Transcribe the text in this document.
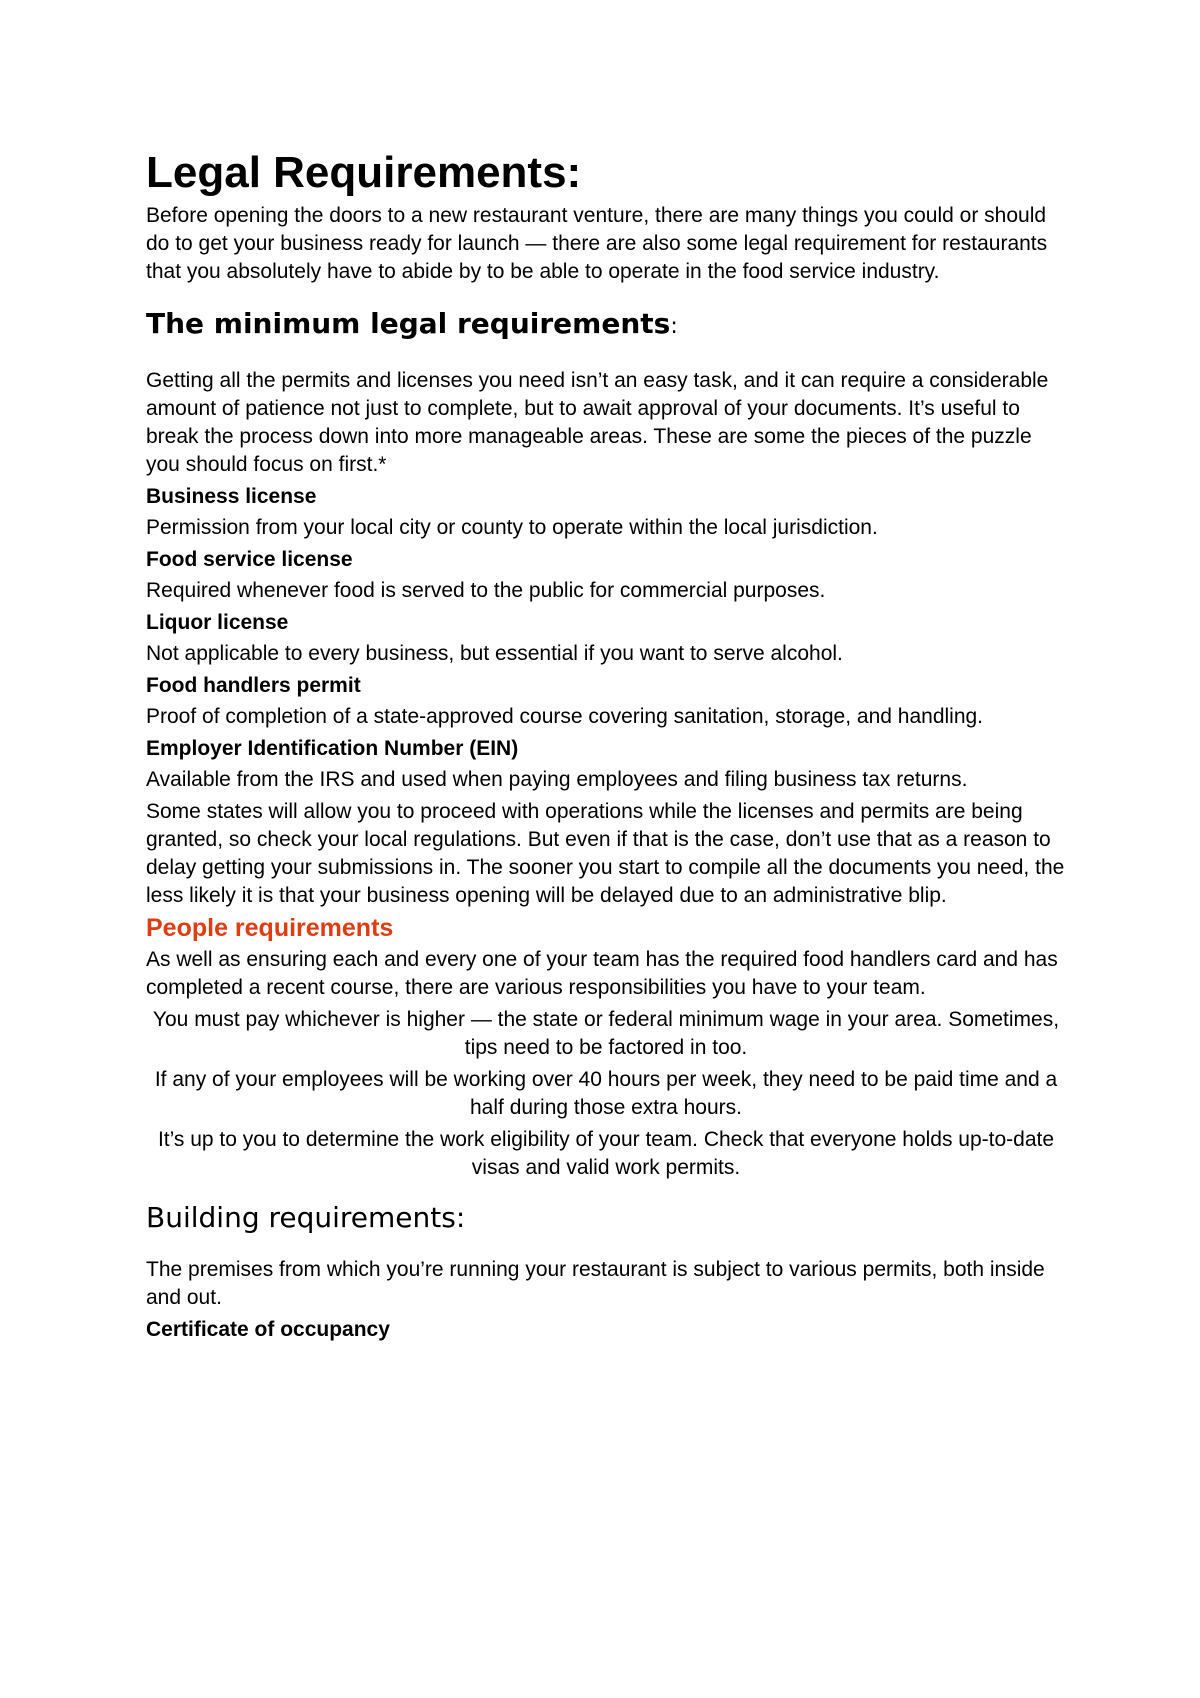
Legal Requirements:

Before opening the doors to a new restaurant venture, there are many things you could or should do to get your business ready for launch — there are also some legal requirement for restaurants that you absolutely have to abide by to be able to operate in the food service industry.

The minimum legal requirements:

Getting all the permits and licenses you need isn’t an easy task, and it can require a considerable amount of patience not just to complete, but to await approval of your documents. It’s useful to break the process down into more manageable areas. These are some the pieces of the puzzle you should focus on first.*

Business license

Permission from your local city or county to operate within the local jurisdiction.

Food service license

Required whenever food is served to the public for commercial purposes.

Liquor license

Not applicable to every business, but essential if you want to serve alcohol.

Food handlers permit

Proof of completion of a state-approved course covering sanitation, storage, and handling.

Employer Identification Number (EIN)

Available from the IRS and used when paying employees and filing business tax returns.

Some states will allow you to proceed with operations while the licenses and permits are being granted, so check your local regulations. But even if that is the case, don’t use that as a reason to delay getting your submissions in. The sooner you start to compile all the documents you need, the less likely it is that your business opening will be delayed due to an administrative blip.

People requirements

As well as ensuring each and every one of your team has the required food handlers card and has completed a recent course, there are various responsibilities you have to your team.

You must pay whichever is higher — the state or federal minimum wage in your area. Sometimes, tips need to be factored in too.

If any of your employees will be working over 40 hours per week, they need to be paid time and a half during those extra hours.

It’s up to you to determine the work eligibility of your team. Check that everyone holds up-to-date visas and valid work permits.

Building requirements:

The premises from which you’re running your restaurant is subject to various permits, both inside and out.

Certificate of occupancy
